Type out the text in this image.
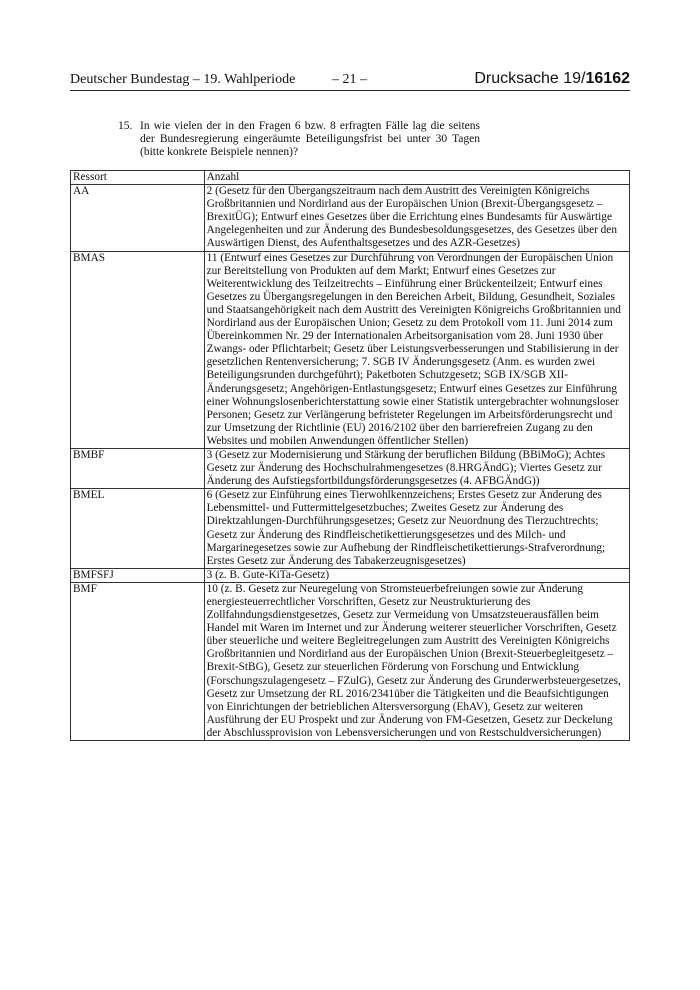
Deutscher Bundestag – 19. Wahlperiode	– 21 –	Drucksache 19/16162
15. In wie vielen der in den Fragen 6 bzw. 8 erfragten Fälle lag die seitens der Bundesregierung eingeräumte Beteiligungsfrist bei unter 30 Tagen (bitte konkrete Beispiele nennen)?
Ressort	Anzahl
AA	2 (Gesetz für den Übergangszeitraum nach dem Austritt des Vereinigten Königreichs Großbritannien und Nordirland aus der Europäischen Union (Brexit-Übergangsgesetz – BrexitÜG); Entwurf eines Gesetzes über die Errichtung eines Bundesamts für Auswärtige Angelegenheiten und zur Änderung des Bundesbesoldungsgesetzes, des Gesetzes über den Auswärtigen Dienst, des Aufenthaltsgesetzes und des AZR-Gesetzes)
BMAS	11 (Entwurf eines Gesetzes zur Durchführung von Verordnungen der Europäischen Union zur Bereitstellung von Produkten auf dem Markt; Entwurf eines Gesetzes zur Weiterentwicklung des Teilzeitrechts – Einführung einer Brückenteilzeit; Entwurf eines Gesetzes zu Übergangsregelungen in den Bereichen Arbeit, Bildung, Gesundheit, Soziales und Staatsangehörigkeit nach dem Austritt des Vereinigten Königreichs Großbritannien und Nordirland aus der Europäischen Union; Gesetz zu dem Protokoll vom 11. Juni 2014 zum Übereinkommen Nr. 29 der Internationalen Arbeitsorganisation vom 28. Juni 1930 über Zwangs- oder Pflichtarbeit; Gesetz über Leistungsverbesserungen und Stabilisierung in der gesetzlichen Rentenversicherung; 7. SGB IV Änderungsgesetz (Anm. es wurden zwei Beteiligungsrunden durchgeführt); Paketboten Schutzgesetz; SGB IX/SGB XII-Änderungsgesetz; Angehörigen-Entlastungsgesetz; Entwurf eines Gesetzes zur Einführung einer Wohnungslosenberichterstattung sowie einer Statistik untergebrachter wohnungsloser Personen; Gesetz zur Verlängerung befristeter Regelungen im Arbeitsförderungsrecht und zur Umsetzung der Richtlinie (EU) 2016/2102 über den barrierefreien Zugang zu den Websites und mobilen Anwendungen öffentlicher Stellen)
BMBF	3 (Gesetz zur Modernisierung und Stärkung der beruflichen Bildung (BBiMoG); Achtes Gesetz zur Änderung des Hochschulrahmengesetzes (8.HRGÄndG); Viertes Gesetz zur Änderung des Aufstiegsfortbildungsförderungsgesetzes (4. AFBGÄndG))
BMEL	6 (Gesetz zur Einführung eines Tierwohlkennzeichens; Erstes Gesetz zur Änderung des Lebensmittel- und Futtermittelgesetzbuches; Zweites Gesetz zur Änderung des Direktzahlungen-Durchführungsgesetzes; Gesetz zur Neuordnung des Tierzuchtrechts; Gesetz zur Änderung des Rindfleischetikettierungsgesetzes und des Milch- und Margarinegesetzes sowie zur Aufhebung der Rindfleischetikettierungs-Strafverordnung; Erstes Gesetz zur Änderung des Tabakerzeugnisgesetzes)
BMFSFJ	3 (z. B. Gute-KiTa-Gesetz)
BMF	10 (z. B. Gesetz zur Neuregelung von Stromsteuerbefreiungen sowie zur Änderung energiesteuerrechtlicher Vorschriften, Gesetz zur Neustrukturierung des Zollfahndungsdienstgesetzes, Gesetz zur Vermeidung von Umsatzsteuerausfällen beim Handel mit Waren im Internet und zur Änderung weiterer steuerlicher Vorschriften, Gesetz über steuerliche und weitere Begleitregelungen zum Austritt des Vereinigten Königreichs Großbritannien und Nordirland aus der Europäischen Union (Brexit-Steuerbegleitgesetz – Brexit-StBG), Gesetz zur steuerlichen Förderung von Forschung und Entwicklung (Forschungszulagengesetz – FZulG), Gesetz zur Änderung des Grunderwerbsteuergesetzes, Gesetz zur Umsetzung der RL 2016/2341über die Tätigkeiten und die Beaufsichtigungen von Einrichtungen der betrieblichen Altersversorgung (EhAV), Gesetz zur weiteren Ausführung der EU Prospekt und zur Änderung von FM-Gesetzen, Gesetz zur Deckelung der Abschlussprovision von Lebensversicherungen und von Restschuldversicherungen)
